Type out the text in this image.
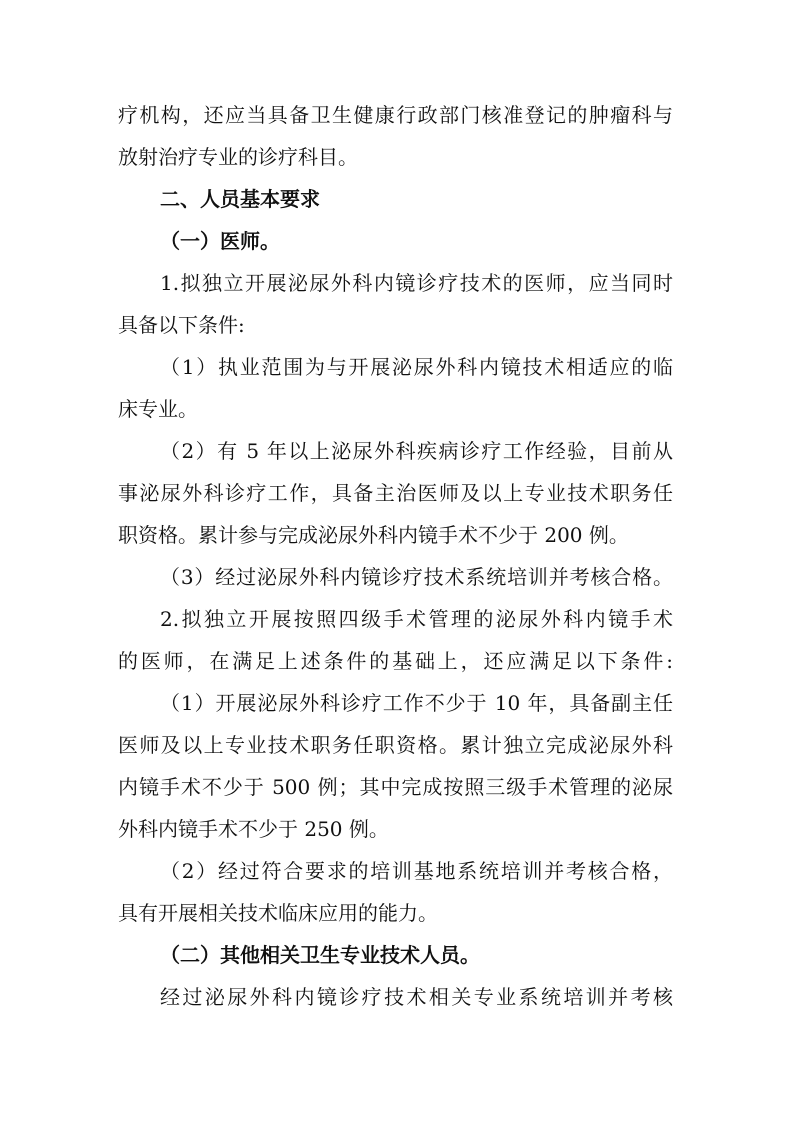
疗机构，还应当具备卫生健康行政部门核准登记的肿瘤科与
放射治疗专业的诊疗科目。
二、人员基本要求
（一）医师。
1.拟独立开展泌尿外科内镜诊疗技术的医师，应当同时
具备以下条件:
（1）执业范围为与开展泌尿外科内镜技术相适应的临
床专业。
（2）有 5 年以上泌尿外科疾病诊疗工作经验，目前从
事泌尿外科诊疗工作，具备主治医师及以上专业技术职务任
职资格。累计参与完成泌尿外科内镜手术不少于 200 例。
（3）经过泌尿外科内镜诊疗技术系统培训并考核合格。
2.拟独立开展按照四级手术管理的泌尿外科内镜手术
的医师，在满足上述条件的基础上，还应满足以下条件:
（1）开展泌尿外科诊疗工作不少于 10 年，具备副主任
医师及以上专业技术职务任职资格。累计独立完成泌尿外科
内镜手术不少于 500 例；其中完成按照三级手术管理的泌尿
外科内镜手术不少于 250 例。
（2）经过符合要求的培训基地系统培训并考核合格，
具有开展相关技术临床应用的能力。
（二）其他相关卫生专业技术人员。
经过泌尿外科内镜诊疗技术相关专业系统培训并考核
